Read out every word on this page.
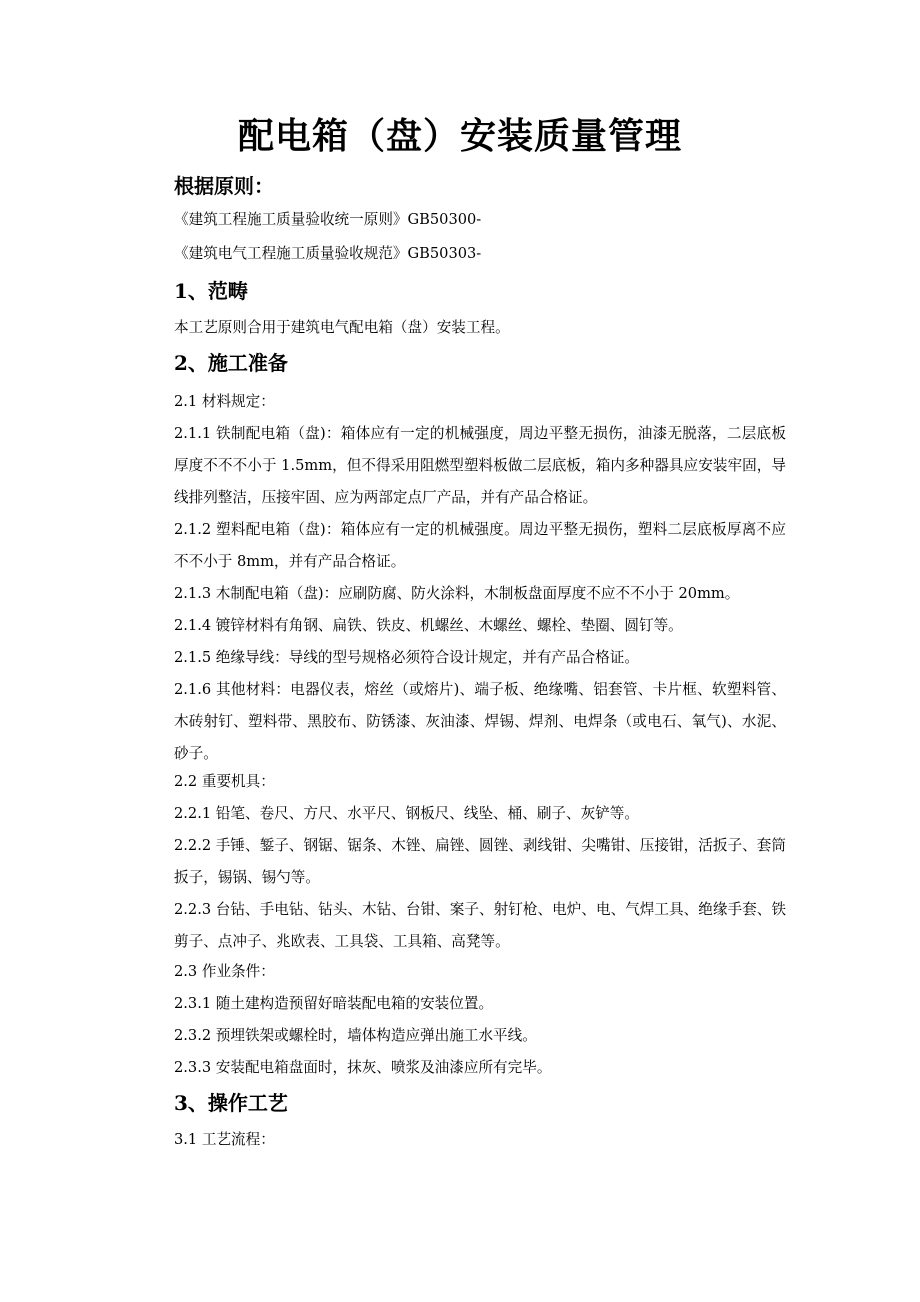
配电箱（盘）安装质量管理
根据原则：
《建筑工程施工质量验收统一原则》GB50300-
《建筑电气工程施工质量验收规范》GB50303-
1、范畴
本工艺原则合用于建筑电气配电箱（盘）安装工程。
2、施工准备
2.1 材料规定：
2.1.1 铁制配电箱（盘)：箱体应有一定的机械强度，周边平整无损伤，油漆无脱落，二层底板厚度不不不小于 1.5mm，但不得采用阻燃型塑料板做二层底板，箱内多种器具应安装牢固，导线排列整洁，压接牢固、应为两部定点厂产品，并有产品合格证。
2.1.2 塑料配电箱（盘)：箱体应有一定的机械强度。周边平整无损伤，塑料二层底板厚离不应不不小于 8mm，并有产品合格证。
2.1.3 木制配电箱（盘)：应刷防腐、防火涂料，木制板盘面厚度不应不不小于 20mm。
2.1.4 镀锌材料有角钢、扁铁、铁皮、机螺丝、木螺丝、螺栓、垫圈、圆钉等。
2.1.5 绝缘导线：导线的型号规格必须符合设计规定，并有产品合格证。
2.1.6 其他材料：电器仪表，熔丝（或熔片)、端子板、绝缘嘴、铝套管、卡片框、软塑料管、木砖射钉、塑料带、黑胶布、防锈漆、灰油漆、焊锡、焊剂、电焊条（或电石、氧气)、水泥、砂子。
2.2 重要机具：
2.2.1 铅笔、卷尺、方尺、水平尺、钢板尺、线坠、桶、刷子、灰铲等。
2.2.2 手锤、錾子、钢锯、锯条、木锉、扁锉、圆锉、剥线钳、尖嘴钳、压接钳，活扳子、套筒扳子，锡锅、锡勺等。
2.2.3 台钻、手电钻、钻头、木钻、台钳、案子、射钉枪、电炉、电、气焊工具、绝缘手套、铁剪子、点冲子、兆欧表、工具袋、工具箱、高凳等。
2.3 作业条件：
2.3.1 随土建构造预留好暗装配电箱的安装位置。
2.3.2 预埋铁架或螺栓时，墙体构造应弹出施工水平线。
2.3.3 安装配电箱盘面时，抹灰、喷浆及油漆应所有完毕。
3、操作工艺
3.1 工艺流程：
